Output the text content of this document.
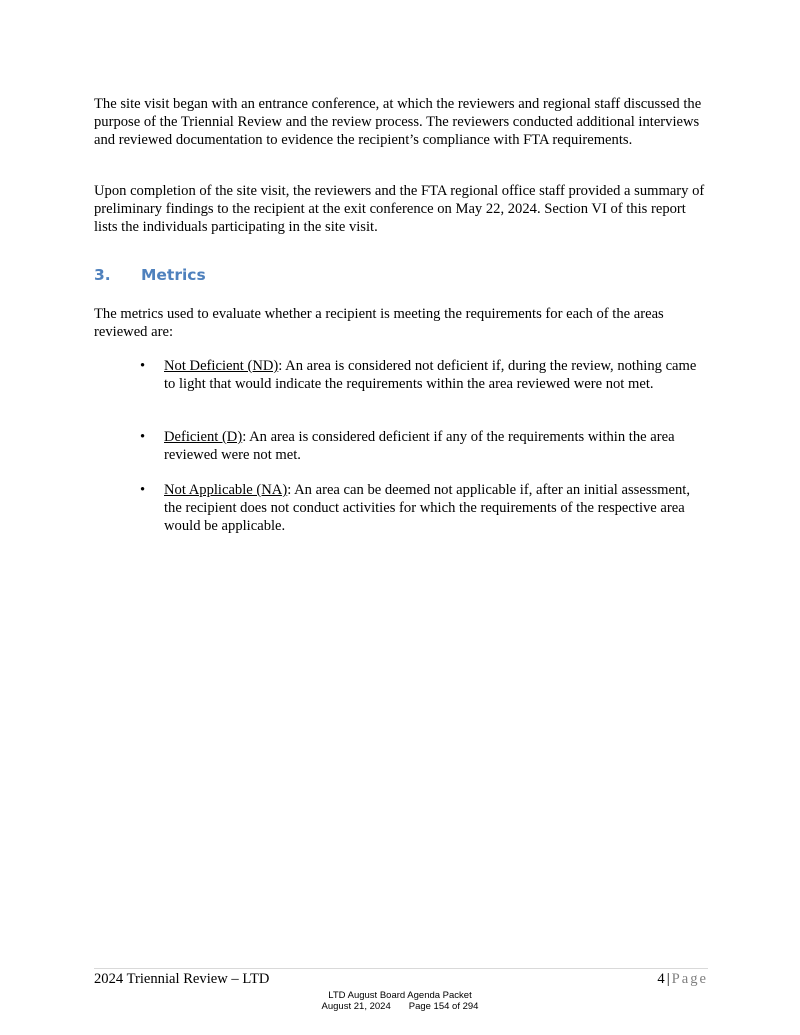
The site visit began with an entrance conference, at which the reviewers and regional staff discussed the purpose of the Triennial Review and the review process. The reviewers conducted additional interviews and reviewed documentation to evidence the recipient’s compliance with FTA requirements.

Upon completion of the site visit, the reviewers and the FTA regional office staff provided a summary of preliminary findings to the recipient at the exit conference on May 22, 2024. Section VI of this report lists the individuals participating in the site visit.

3. Metrics

The metrics used to evaluate whether a recipient is meeting the requirements for each of the areas reviewed are:

• Not Deficient (ND): An area is considered not deficient if, during the review, nothing came to light that would indicate the requirements within the area reviewed were not met.
• Deficient (D): An area is considered deficient if any of the requirements within the area reviewed were not met.
• Not Applicable (NA): An area can be deemed not applicable if, after an initial assessment, the recipient does not conduct activities for which the requirements of the respective area would be applicable.
2024 Triennial Review – LTD	4 | Page
LTD August Board Agenda Packet
August 21, 2024 Page 154 of 294
